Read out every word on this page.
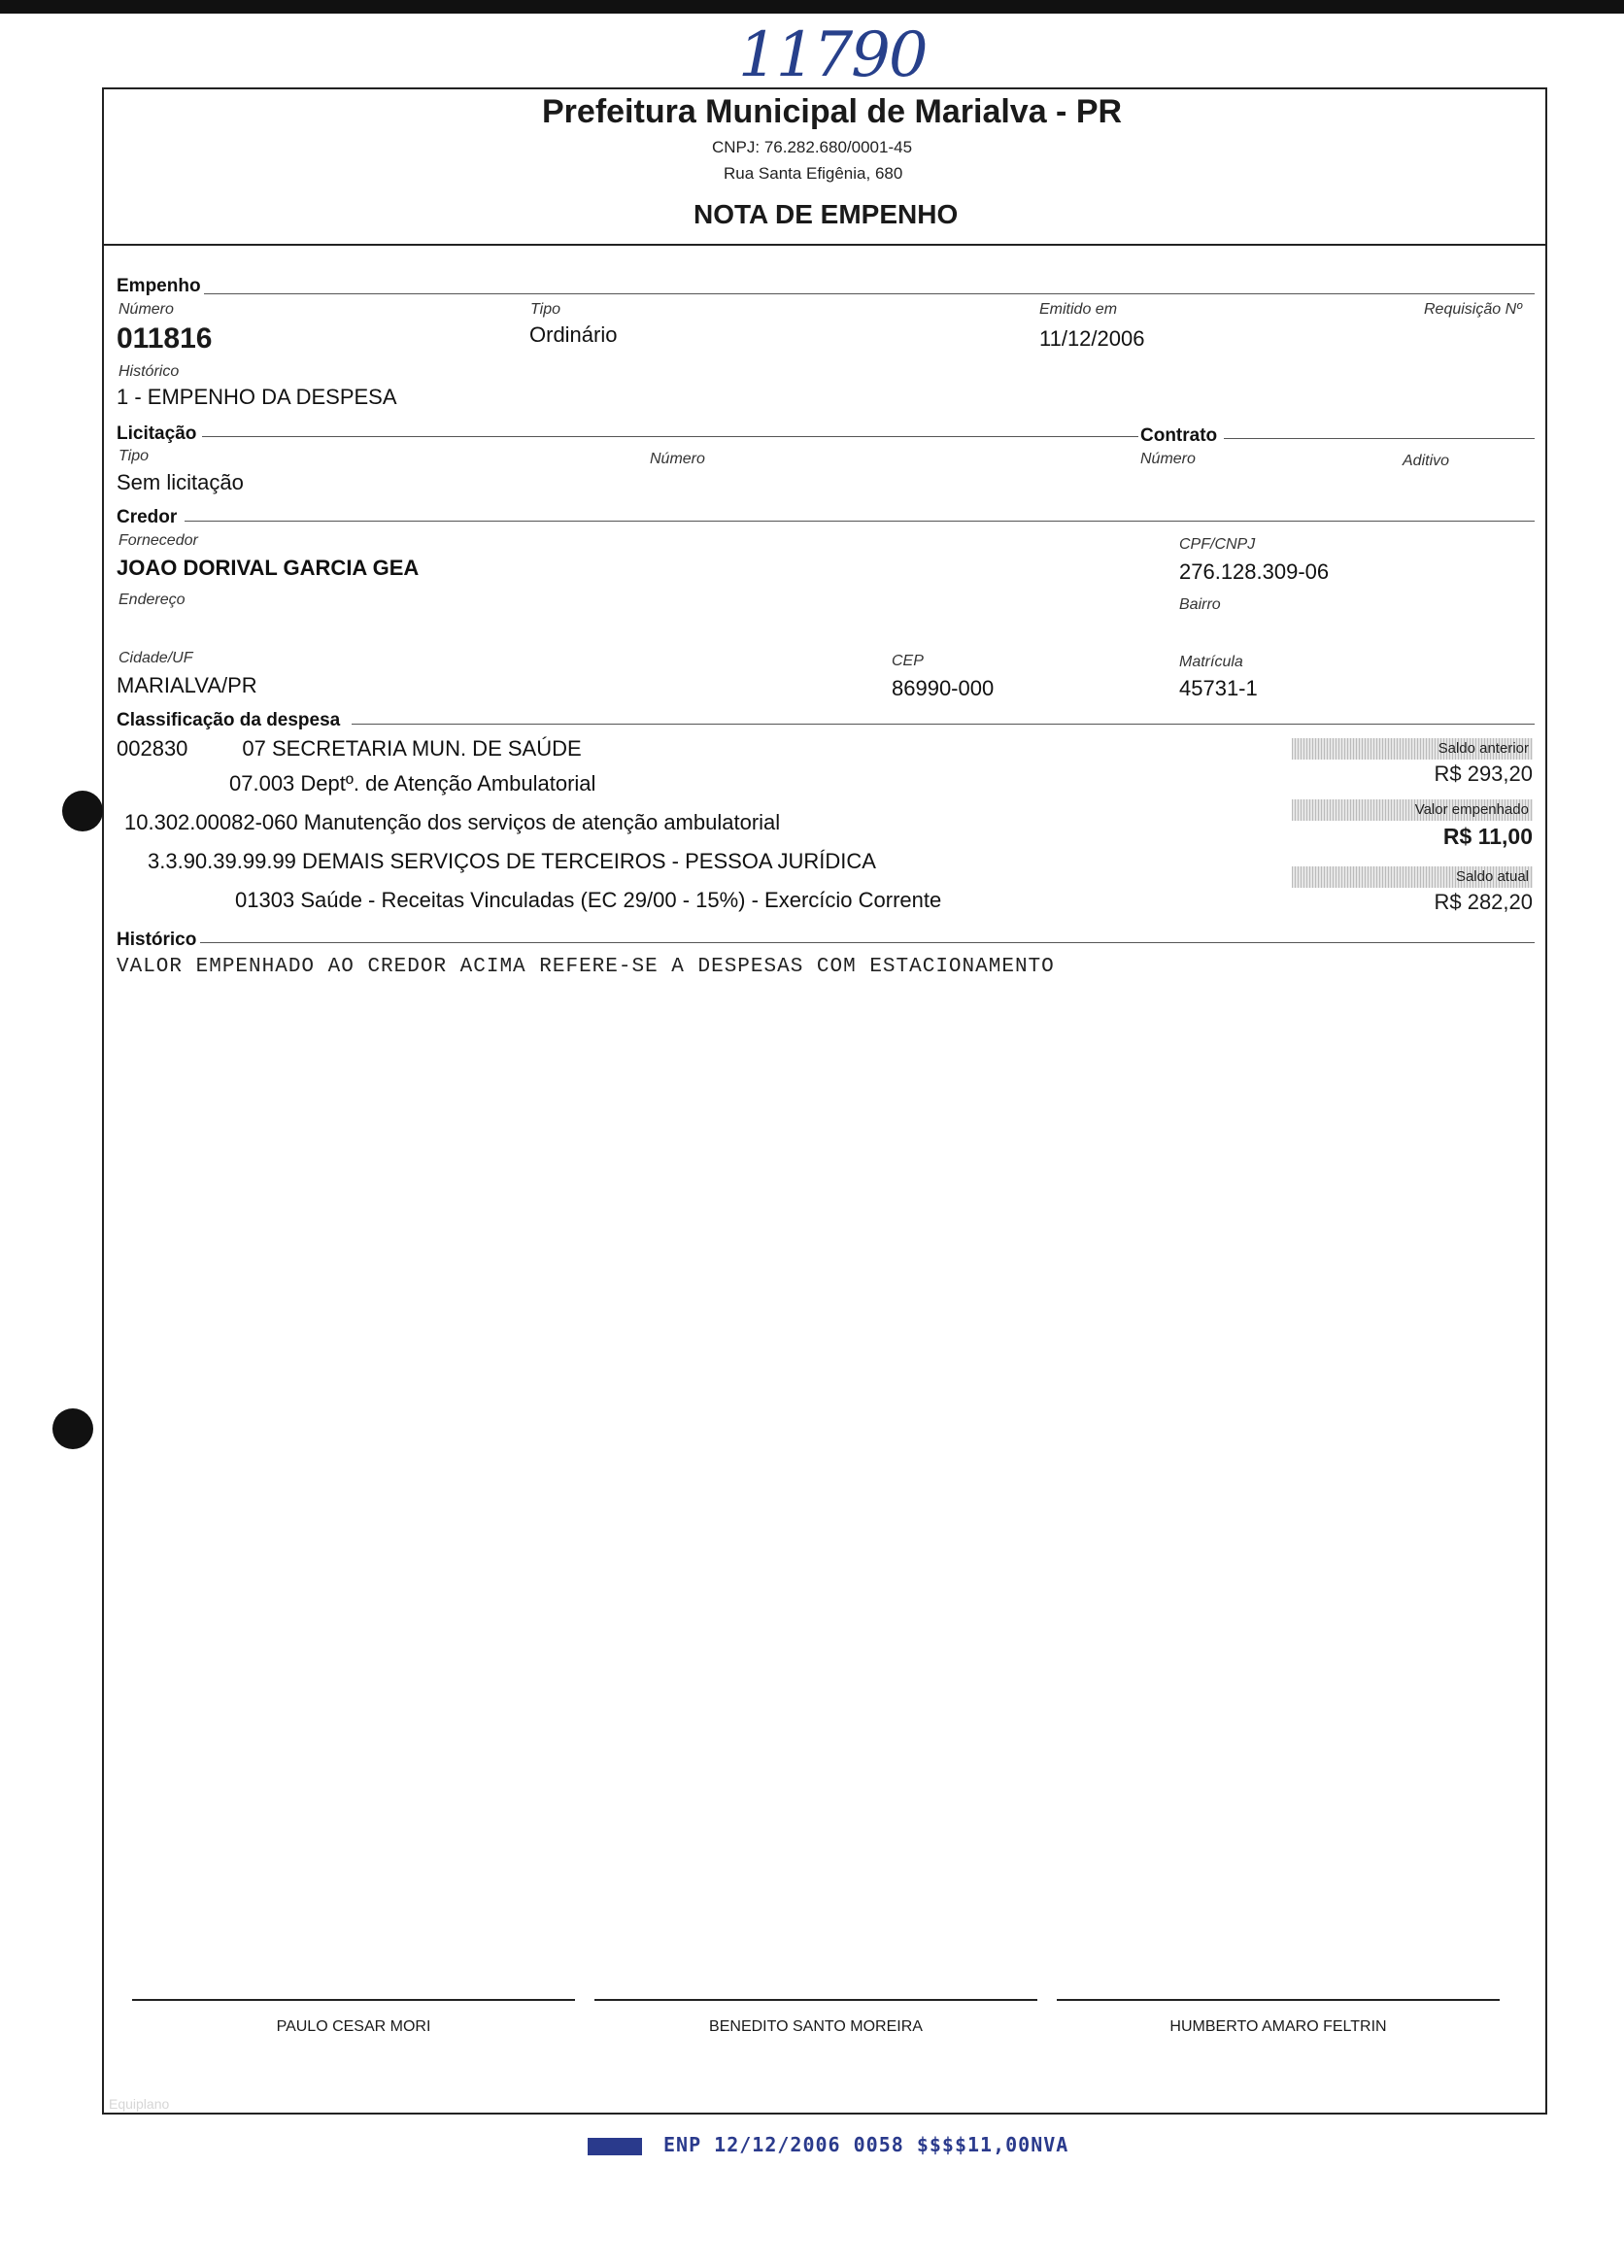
11790
Prefeitura Municipal de Marialva - PR
CNPJ: 76.282.680/0001-45
Rua Santa Efigênia, 680
NOTA DE EMPENHO
Empenho
Número
011816
Tipo
Ordinário
Emitido em
11/12/2006
Requisição Nº
Histórico
1 - EMPENHO DA DESPESA
Licitação	Contrato
Tipo
Sem licitação
Número	Número	Aditivo
Credor
Fornecedor
JOAO DORIVAL GARCIA GEA
CPF/CNPJ
276.128.309-06
Endereço	Bairro
Cidade/UF
MARIALVA/PR
CEP
86990-000
Matrícula
45731-1
Classificação da despesa
002830	07 SECRETARIA MUN. DE SAÚDE
07.003 Deptº. de Atenção Ambulatorial
10.302.00082-060 Manutenção dos serviços de atenção ambulatorial
3.3.90.39.99.99 DEMAIS SERVIÇOS DE TERCEIROS - PESSOA JURÍDICA
01303 Saúde - Receitas Vinculadas (EC 29/00 - 15%) - Exercício Corrente
Saldo anterior
R$ 293,20
Valor empenhado
R$ 11,00
Saldo atual
R$ 282,20
Histórico
VALOR EMPENHADO AO CREDOR ACIMA REFERE-SE A DESPESAS COM ESTACIONAMENTO
PAULO CESAR MORI	BENEDITO SANTO MOREIRA	HUMBERTO AMARO FELTRIN
Equiplano
ENP 12/12/2006 0058 $$$$11,00NVA
